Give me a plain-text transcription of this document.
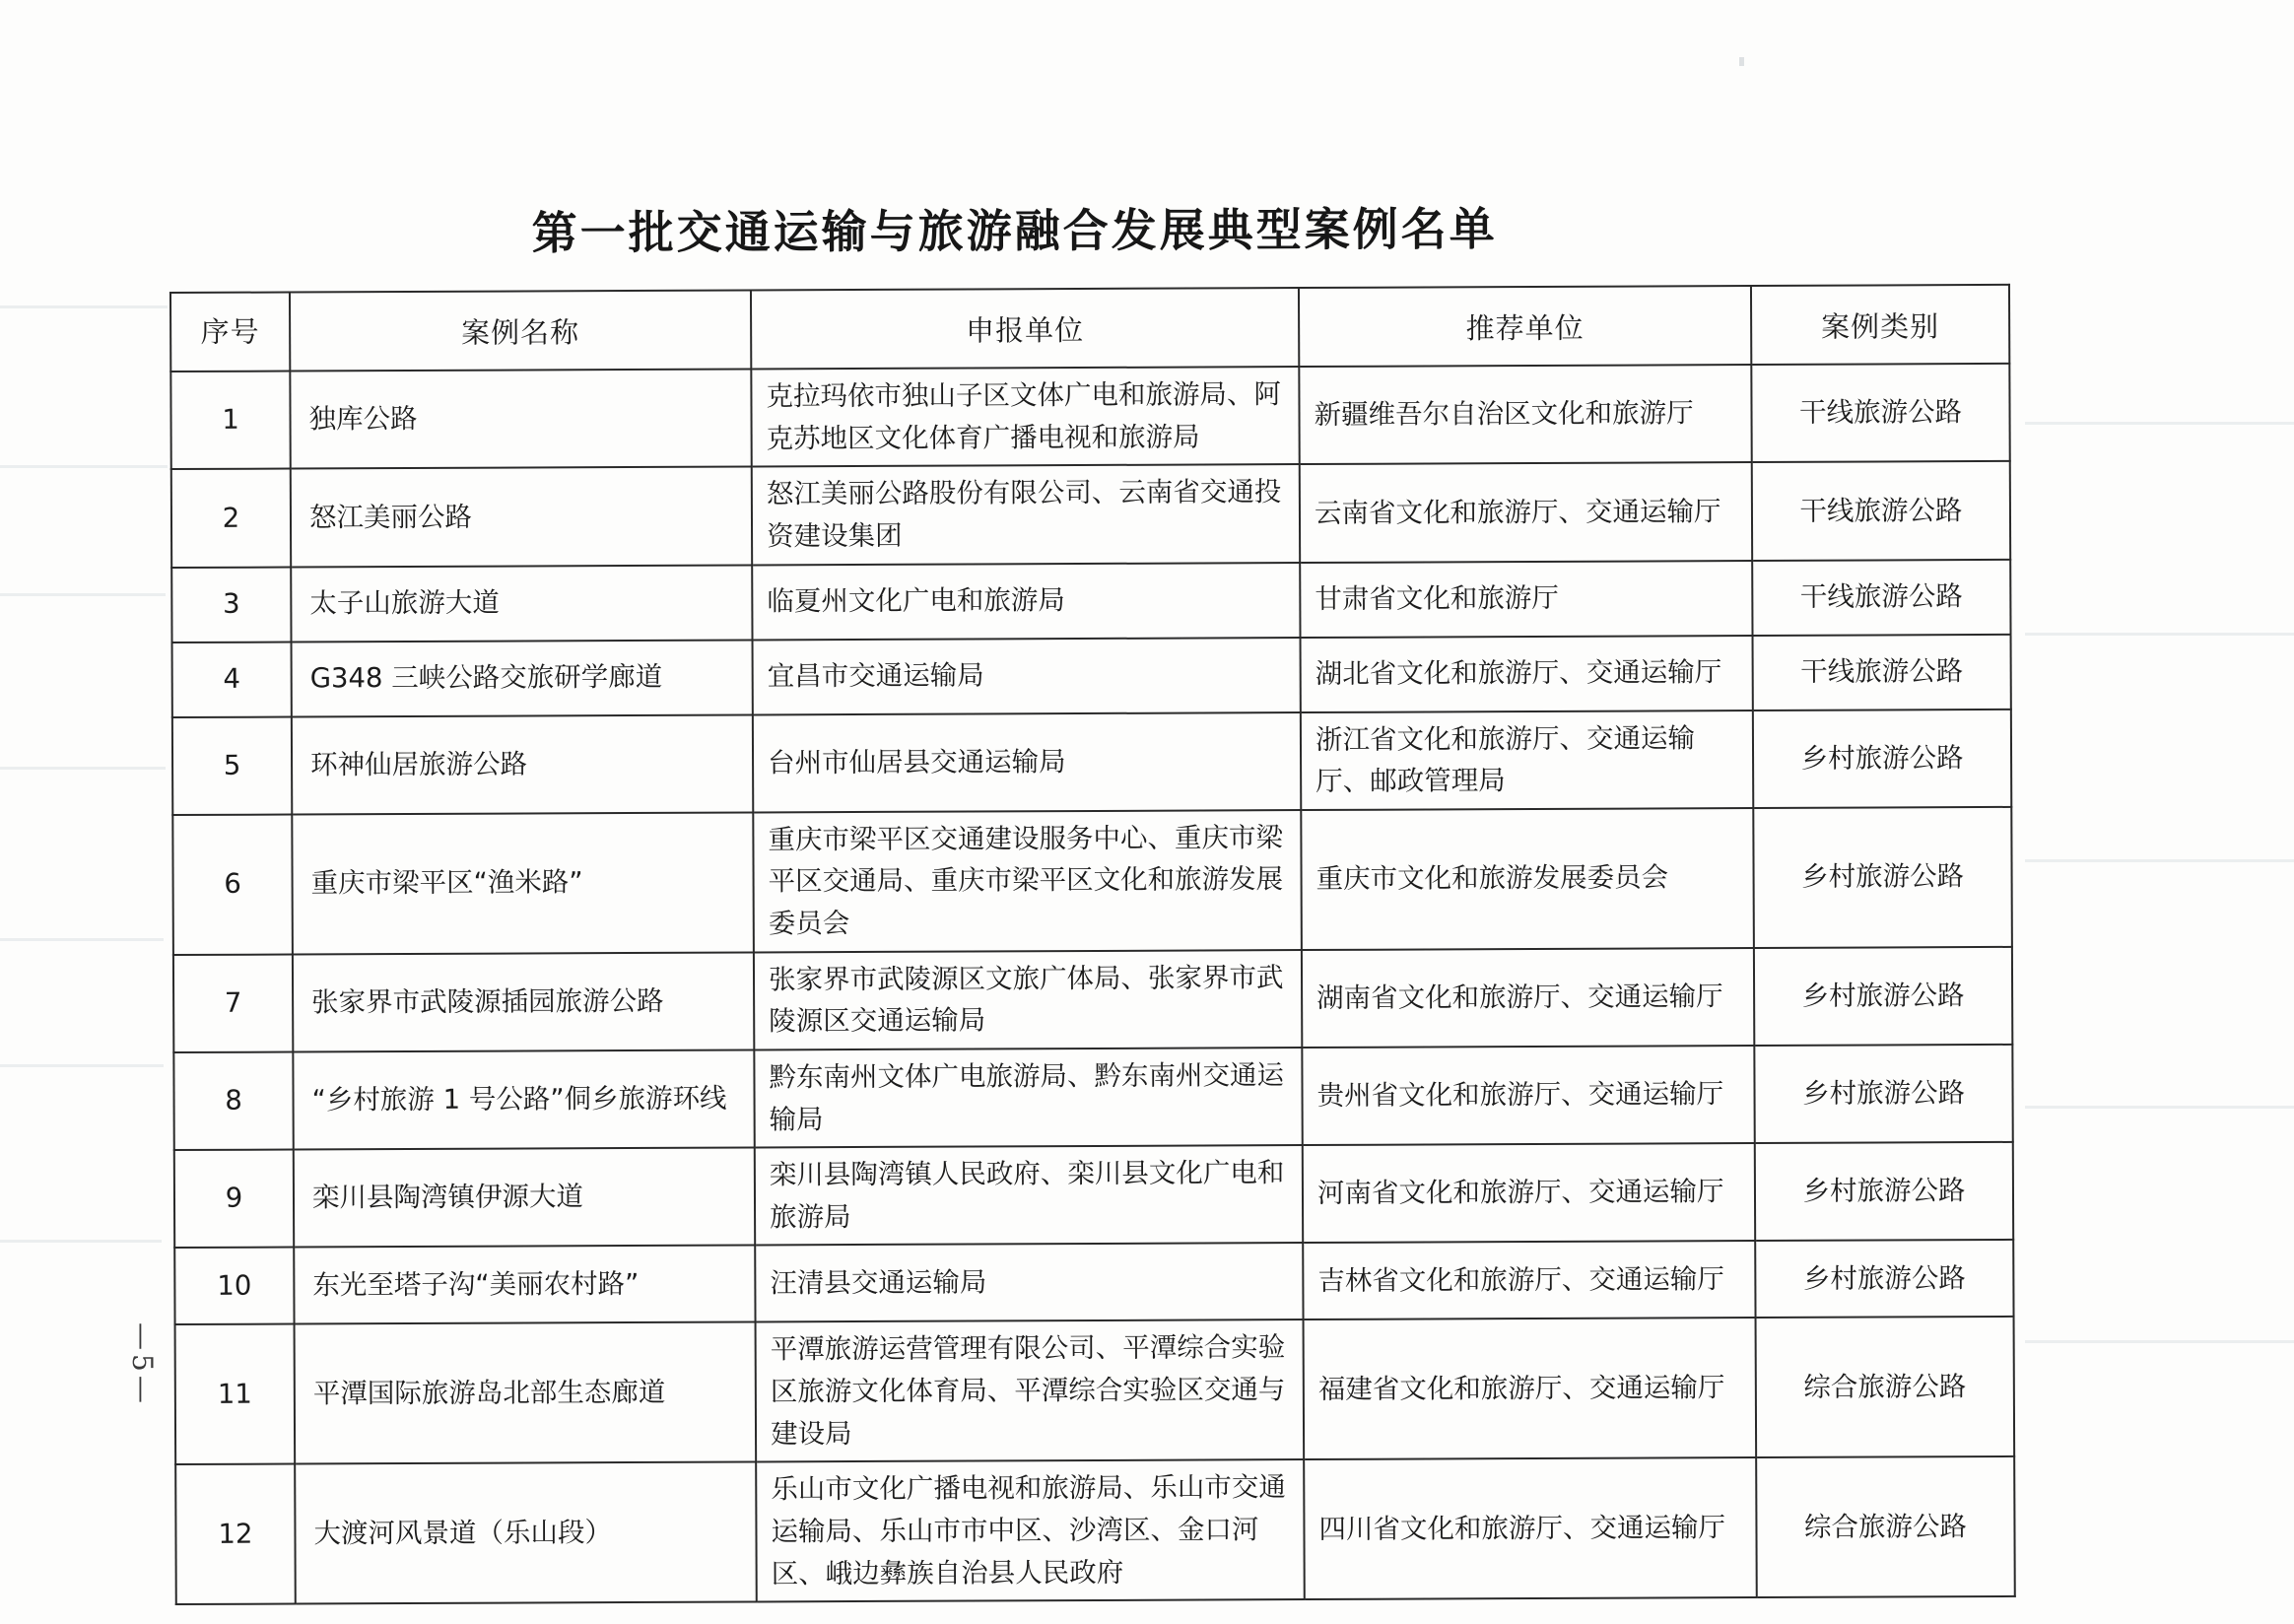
第一批交通运输与旅游融合发展典型案例名单
序号	案例名称	申报单位	推荐单位	案例类别
1	独库公路	克拉玛依市独山子区文体广电和旅游局、阿克苏地区文化体育广播电视和旅游局	新疆维吾尔自治区文化和旅游厅	干线旅游公路
2	怒江美丽公路	怒江美丽公路股份有限公司、云南省交通投资建设集团	云南省文化和旅游厅、交通运输厅	干线旅游公路
3	太子山旅游大道	临夏州文化广电和旅游局	甘肃省文化和旅游厅	干线旅游公路
4	G348 三峡公路交旅研学廊道	宜昌市交通运输局	湖北省文化和旅游厅、交通运输厅	干线旅游公路
5	环神仙居旅游公路	台州市仙居县交通运输局	浙江省文化和旅游厅、交通运输厅、邮政管理局	乡村旅游公路
6	重庆市梁平区“渔米路”	重庆市梁平区交通建设服务中心、重庆市梁平区交通局、重庆市梁平区文化和旅游发展委员会	重庆市文化和旅游发展委员会	乡村旅游公路
7	张家界市武陵源插园旅游公路	张家界市武陵源区文旅广体局、张家界市武陵源区交通运输局	湖南省文化和旅游厅、交通运输厅	乡村旅游公路
8	“乡村旅游 1 号公路”侗乡旅游环线	黔东南州文体广电旅游局、黔东南州交通运输局	贵州省文化和旅游厅、交通运输厅	乡村旅游公路
9	栾川县陶湾镇伊源大道	栾川县陶湾镇人民政府、栾川县文化广电和旅游局	河南省文化和旅游厅、交通运输厅	乡村旅游公路
10	东光至塔子沟“美丽农村路”	汪清县交通运输局	吉林省文化和旅游厅、交通运输厅	乡村旅游公路
11	平潭国际旅游岛北部生态廊道	平潭旅游运营管理有限公司、平潭综合实验区旅游文化体育局、平潭综合实验区交通与建设局	福建省文化和旅游厅、交通运输厅	综合旅游公路
12	大渡河风景道（乐山段）	乐山市文化广播电视和旅游局、乐山市交通运输局、乐山市市中区、沙湾区、金口河区、峨边彝族自治县人民政府	四川省文化和旅游厅、交通运输厅	综合旅游公路
—5—
